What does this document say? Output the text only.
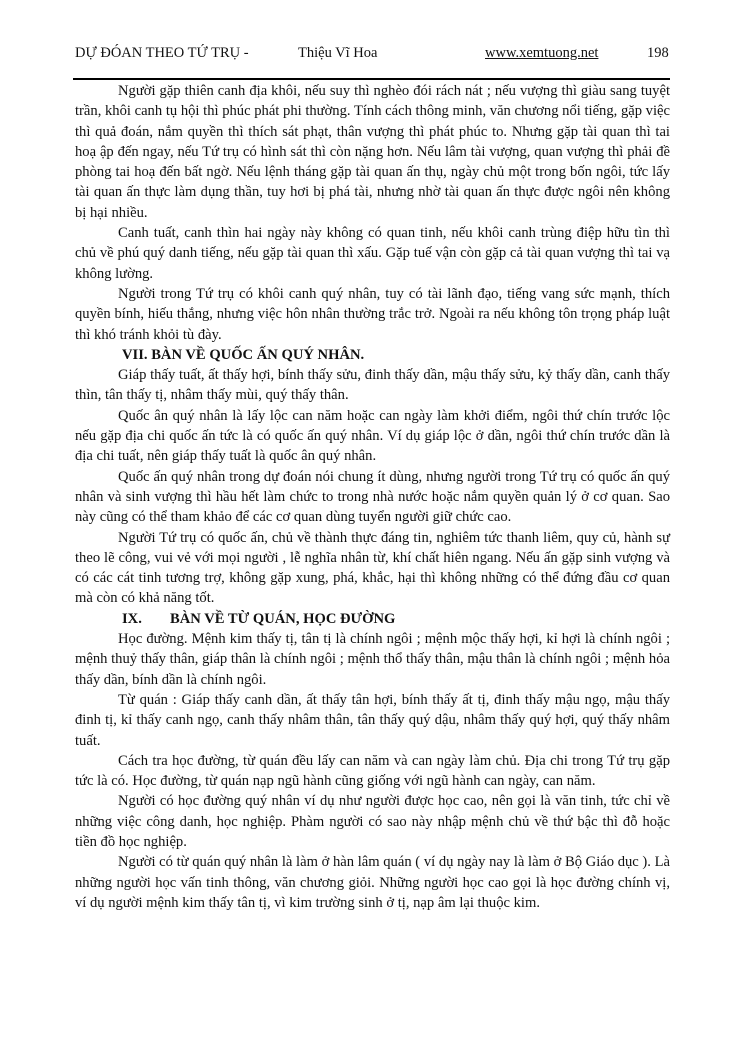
DỰ ĐÓAN THEO TỨ TRỤ -	Thiệu Vĩ Hoa	www.xemtuong.net	198

Người gặp thiên canh địa khôi, nếu suy thì nghèo đói rách nát ; nếu vượng thì giàu sang tuyệt trần, khôi canh tụ hội thì phúc phát phi thường. Tính cách thông minh, văn chương nổi tiếng, gặp việc thì quả đoán, nắm quyền thì thích sát phạt, thân vượng thì phát phúc to. Nhưng gặp tài quan thì tai hoạ ập đến ngay, nếu Tứ trụ có hình sát thì còn nặng hơn. Nếu lâm tài vượng, quan vượng thì phải đề phòng tai hoạ đến bất ngờ. Nếu lệnh tháng gặp tài quan ấn thụ, ngày chủ một trong bốn ngôi, tức lấy tài quan ấn thực làm dụng thần, tuy hơi bị phá tài, nhưng nhờ tài quan ấn thực được ngôi nên không bị hại nhiều.

Canh tuất, canh thìn hai ngày này không có quan tinh, nếu khôi canh trùng điệp hữu tìn thì chủ về phú quý danh tiếng, nếu gặp tài quan thì xấu. Gặp tuế vận còn gặp cả tài quan vượng thì tai vạ không lường.

Người trong Tứ trụ có khôi canh quý nhân, tuy có tài lãnh đạo, tiếng vang sức mạnh, thích quyền bính, hiếu thắng, nhưng việc hôn nhân thường trắc trở. Ngoài ra nếu không tôn trọng pháp luật thì khó tránh khỏi tù đày.

VII. BÀN VỀ QUỐC ẤN QUÝ NHÂN.

Giáp thấy tuất, ất thấy hợi, bính thấy sửu, đinh thấy dần, mậu thấy sửu, kỷ thấy dần, canh thấy thìn, tân thấy tị, nhâm thấy mùi, quý thấy thân.

Quốc ân quý nhân là lấy lộc can năm hoặc can ngày làm khởi điểm, ngôi thứ chín trước lộc nếu gặp địa chi quốc ấn tức là có quốc ấn quý nhân. Ví dụ giáp lộc ở dần, ngôi thứ chín trước dần là địa chi tuất, nên giáp thấy tuất là quốc ân quý nhân.

Quốc ấn quý nhân trong dự đoán nói chung ít dùng, nhưng người trong Tứ trụ có quốc ấn quý nhân và sinh vượng thì hầu hết làm chức to trong nhà nước hoặc nắm quyền quản lý ở cơ quan. Sao này cũng có thể tham khảo để các cơ quan dùng tuyển người giữ chức cao.

Người Tứ trụ có quốc ấn, chủ về thành thực đáng tin, nghiêm tức thanh liêm, quy củ, hành sự theo lẽ công, vui vẻ với mọi người , lễ nghĩa nhân từ, khí chất hiên ngang. Nếu ấn gặp sinh vượng và có các cát tinh tương trợ, không gặp xung, phá, khắc, hại thì không những có thể đứng đầu cơ quan mà còn có khả năng tốt.

IX. BÀN VỀ TỪ QUÁN, HỌC ĐƯỜNG

Học đường. Mệnh kim thấy tị, tân tị là chính ngôi ; mệnh mộc thấy hợi, kỉ hợi là chính ngôi ; mệnh thuỷ thấy thân, giáp thân là chính ngôi ; mệnh thổ thấy thân, mậu thân là chính ngôi ; mệnh hỏa thấy dần, bính dần là chính ngôi.

Từ quán : Giáp thấy canh dần, ất thấy tân hợi, bính thấy ất tị, đinh thấy mậu ngọ, mậu thấy đinh tị, kỉ thấy canh ngọ, canh thấy nhâm thân, tân thấy quý dậu, nhâm thấy quý hợi, quý thấy nhâm tuất.

Cách tra học đường, từ quán đều lấy can năm và can ngày làm chủ. Địa chi trong Tứ trụ gặp tức là có. Học đường, từ quán nạp ngũ hành cũng giống với ngũ hành can ngày, can năm.

Người có học đường quý nhân ví dụ như người được học cao, nên gọi là văn tinh, tức chỉ về những việc công danh, học nghiệp. Phàm người có sao này nhập mệnh chủ về thứ bậc thì đỗ hoặc tiền đồ học nghiệp.

Người có từ quán quý nhân là làm ở hàn lâm quán ( ví dụ ngày nay là làm ở Bộ Giáo dục ). Là những người học vấn tinh thông, văn chương giỏi. Những người học cao gọi là học đường chính vị, ví dụ người mệnh kim thấy tân tị, vì kim trường sinh ở tị, nạp âm lại thuộc kim.
